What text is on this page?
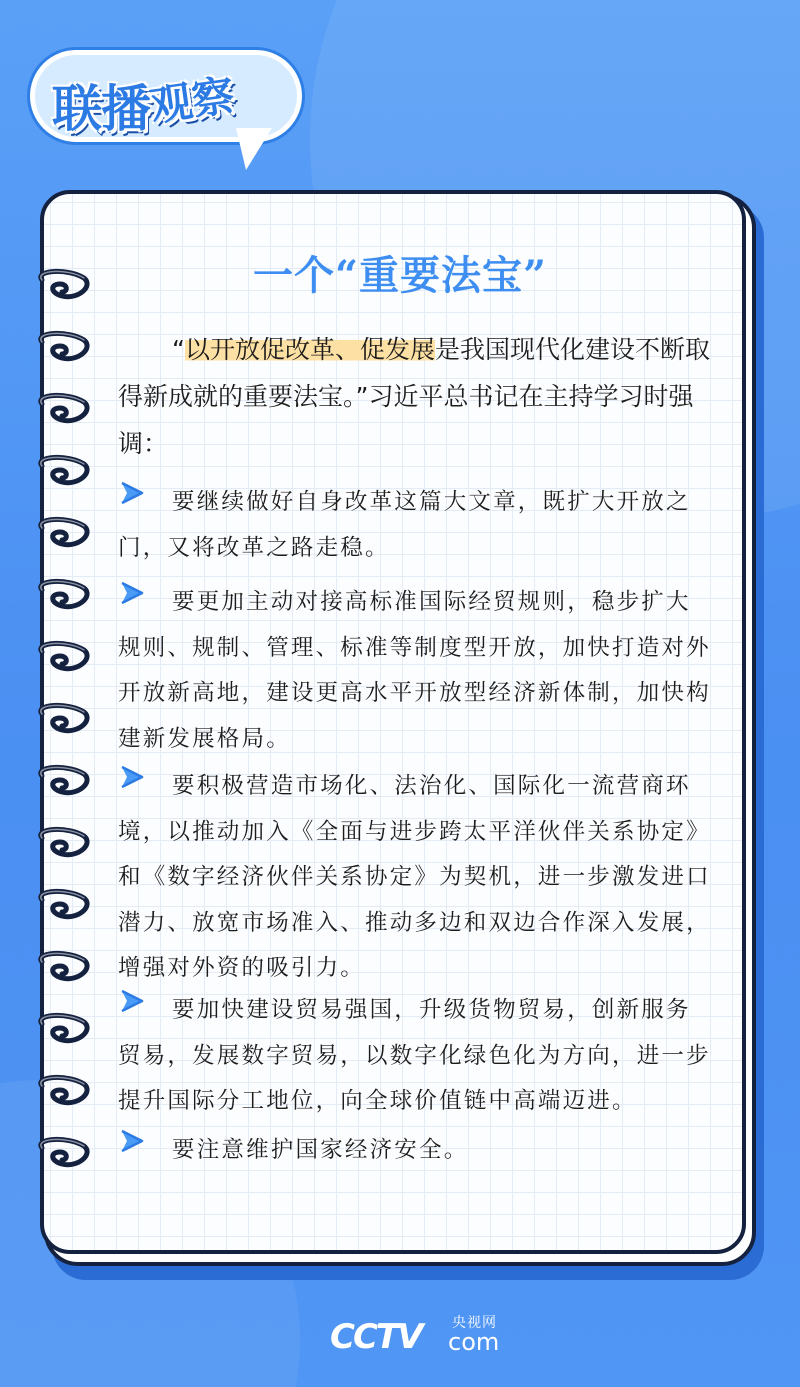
联播
观察
一个“重要法宝”
“以开放促改革、促发展是我国现代化建设不断取得新成就的重要法宝。”习近平总书记在主持学习时强调：
要继续做好自身改革这篇大文章，既扩大开放之门，又将改革之路走稳。
要更加主动对接高标准国际经贸规则，稳步扩大规则、规制、管理、标准等制度型开放，加快打造对外开放新高地，建设更高水平开放型经济新体制，加快构建新发展格局。
要积极营造市场化、法治化、国际化一流营商环境，以推动加入《全面与进步跨太平洋伙伴关系协定》和《数字经济伙伴关系协定》为契机，进一步激发进口潜力、放宽市场准入、推动多边和双边合作深入发展，增强对外资的吸引力。
要加快建设贸易强国，升级货物贸易，创新服务贸易，发展数字贸易，以数字化绿色化为方向，进一步提升国际分工地位，向全球价值链中高端迈进。
要注意维护国家经济安全。
CCTV 央视网
com
